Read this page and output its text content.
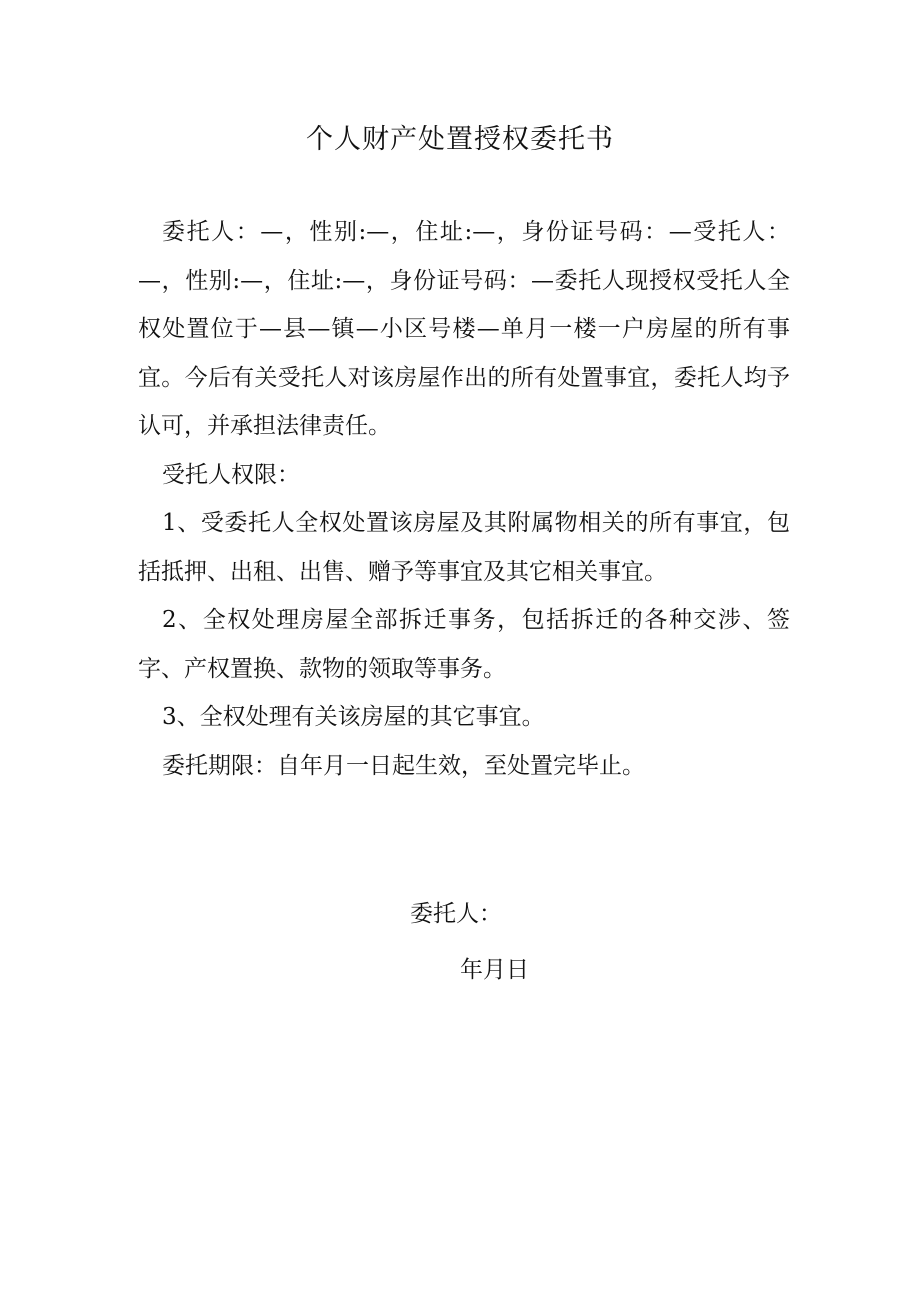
个人财产处置授权委托书

委托人：—，性别:—，住址:—，身份证号码：—受托人：—，性别:—，住址:—，身份证号码：—委托人现授权受托人全权处置位于—县—镇—小区号楼—单月一楼一户房屋的所有事宜。今后有关受托人对该房屋作出的所有处置事宜，委托人均予认可，并承担法律责任。

受托人权限：

1、受委托人全权处置该房屋及其附属物相关的所有事宜，包括抵押、出租、出售、赠予等事宜及其它相关事宜。

2、全权处理房屋全部拆迁事务，包括拆迁的各种交涉、签字、产权置换、款物的领取等事务。

3、全权处理有关该房屋的其它事宜。

委托期限：自年月一日起生效，至处置完毕止。

委托人：
年月日
